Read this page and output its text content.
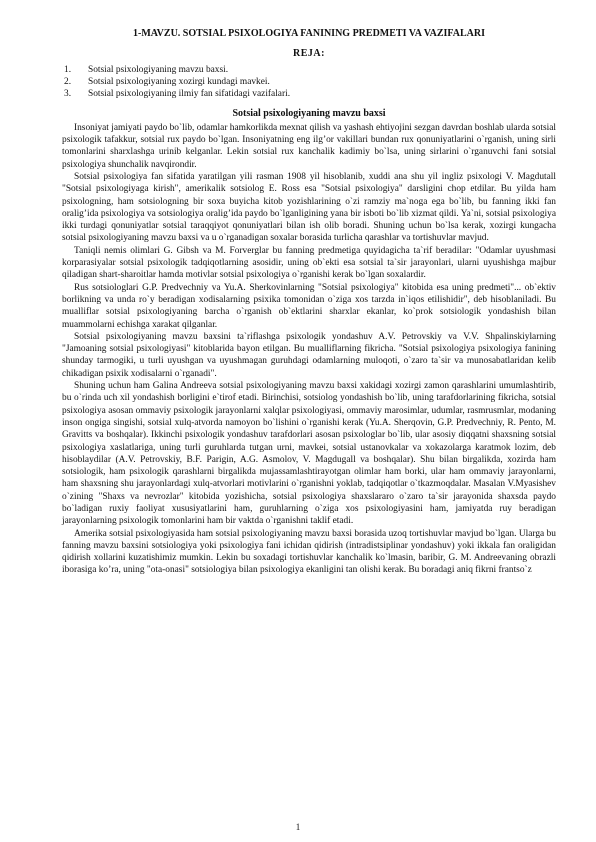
1-MAVZU. SOTSIAL PSIXOLOGIYA FANINING PREDMETI VA VAZIFALARI
REJA:
1. Sotsial psixologiyaning mavzu baxsi.
2. Sotsial psixologiyaning xozirgi kundagi mavkei.
3. Sotsial psixologiyaning ilmiy fan sifatidagi vazifalari.
Sotsial psixologiyaning mavzu baxsi

Insoniyat jamiyati paydo bo`lib, odamlar hamkorlikda mexnat qilish va yashash ehtiyojini sezgan davrdan boshlab ularda sotsial psixologik tafakkur, sotsial rux paydo bo`lgan. Insoniyatning eng ilg’or vakillari bundan rux qonuniyatlarini o`rganish, uning sirli tomonlarini sharxlashga urinib kelganlar. Lekin sotsial rux kanchalik kadimiy bo`lsa, uning sirlarini o`rganuvchi fani sotsial psixologiya shunchalik navqirondir.

Sotsial psixologiya fan sifatida yaratilgan yili rasman 1908 yil hisoblanib, xuddi ana shu yil ingliz psixologi V. Magdutall "Sotsial psixologiyaga kirish", amerikalik sotsiolog E. Ross esa "Sotsial psixologiya" darsligini chop etdilar. Bu yilda ham psixologning, ham sotsiologning bir soxa buyicha kitob yozishlarining o`zi ramziy ma`noga ega bo`lib, bu fanning ikki fan oralig’ida psixologiya va sotsiologiya oralig’ida paydo bo`lganligining yana bir isboti bo`lib xizmat qildi. Ya`ni, sotsial psixologiya ikki turdagi qonuniyatlar sotsial taraqqiyot qonuniyatlari bilan ish olib boradi. Shuning uchun bo`lsa kerak, xozirgi kungacha sotsial psixologiyaning mavzu baxsi va u o`rganadigan soxalar borasida turlicha qarashlar va tortishuvlar mavjud.

Taniqli nemis olimlari G. Gibsh va M. Forverglar bu fanning predmetiga quyidagicha ta`rif beradilar: "Odamlar uyushmasi korparasiyalar sotsial psixologik tadqiqotlarning asosidir, uning ob`ekti esa sotsial ta`sir jarayonlari, ularni uyushishga majbur qiladigan shart-sharoitlar hamda motivlar sotsial psixologiya o`rganishi kerak bo`lgan soxalardir.

Rus sotsiologlari G.P. Predvechniy va Yu.A. Sherkovinlarning "Sotsial psixologiya" kitobida esa uning predmeti"... ob`ektiv borlikning va unda ro`y beradigan xodisalarning psixika tomonidan o`ziga xos tarzda in`iqos etilishidir", deb hisoblaniladi. Bu mualliflar sotsial psixologiyaning barcha o`rganish ob`ektlarini sharxlar ekanlar, ko`prok sotsiologik yondashish bilan muammolarni echishga xarakat qilganlar.

Sotsial psixologiyaning mavzu baxsini ta`riflashga psixologik yondashuv A.V. Petrovskiy va V.V. Shpalinskiylarning "Jamoaning sotsial psixologiyasi" kitoblarida bayon etilgan. Bu mualliflarning fikricha. "Sotsial psixologiya psixologiya fanining shunday tarmogiki, u turli uyushgan va uyushmagan guruhdagi odamlarning muloqoti, o`zaro ta`sir va munosabatlaridan kelib chikadigan psixik xodisalarni o`rganadi".

Shuning uchun ham Galina Andreeva sotsial psixologiyaning mavzu baxsi xakidagi xozirgi zamon qarashlarini umumlashtirib, bu o`rinda uch xil yondashish borligini e`tirof etadi. Birinchisi, sotsiolog yondashish bo`lib, uning tarafdorlarining fikricha, sotsial psixologiya asosan ommaviy psixologik jarayonlarni xalqlar psixologiyasi, ommaviy marosimlar, udumlar, rasmrusmlar, modaning inson ongiga singishi, sotsial xulq-atvorda namoyon bo`lishini o`rganishi kerak (Yu.A. Sherqovin, G.P. Predvechniy, R. Pento, M. Gravitts va boshqalar). Ikkinchi psixologik yondashuv tarafdorlari asosan psixologlar bo`lib, ular asosiy diqqatni shaxsning sotsial psixologiya xaslatlariga, uning turli guruhlarda tutgan urni, mavkei, sotsial ustanovkalar va xokazolarga karatmok lozim, deb hisoblaydilar (A.V. Petrovskiy, B.F. Parigin, A.G. Asmolov, V. Magdugall va boshqalar). Shu bilan birgalikda, xozirda ham sotsiologik, ham psixologik qarashlarni birgalikda mujassamlashtirayotgan olimlar ham borki, ular ham ommaviy jarayonlarni, ham shaxsning shu jarayonlardagi xulq-atvorlari motivlarini o`rganishni yoklab, tadqiqotlar o`tkazmoqdalar. Masalan V.Myasishev o`zining "Shaxs va nevrozlar" kitobida yozishicha, sotsial psixologiya shaxslararo o`zaro ta`sir jarayonida shaxsda paydo bo`ladigan ruxiy faoliyat xususiyatlarini ham, guruhlarning o`ziga xos psixologiyasini ham, jamiyatda ruy beradigan jarayonlarning psixologik tomonlarini ham bir vaktda o`rganishni taklif etadi.

Amerika sotsial psixologiyasida ham sotsial psixologiyaning mavzu baxsi borasida uzoq tortishuvlar mavjud bo`lgan. Ularga bu fanning mavzu baxsini sotsiologiya yoki psixologiya fani ichidan qidirish (intradistsiplinar yondashuv) yoki ikkala fan oraligidan qidirish xollarini kuzatishimiz mumkin. Lekin bu soxadagi tortishuvlar kanchalik ko`lmasin, baribir, G. M. Andreevaning obrazli iborasiga ko’ra, uning "ota-onasi" sotsiologiya bilan psixologiya ekanligini tan olishi kerak. Bu boradagi aniq fikrni frantso`z

1
